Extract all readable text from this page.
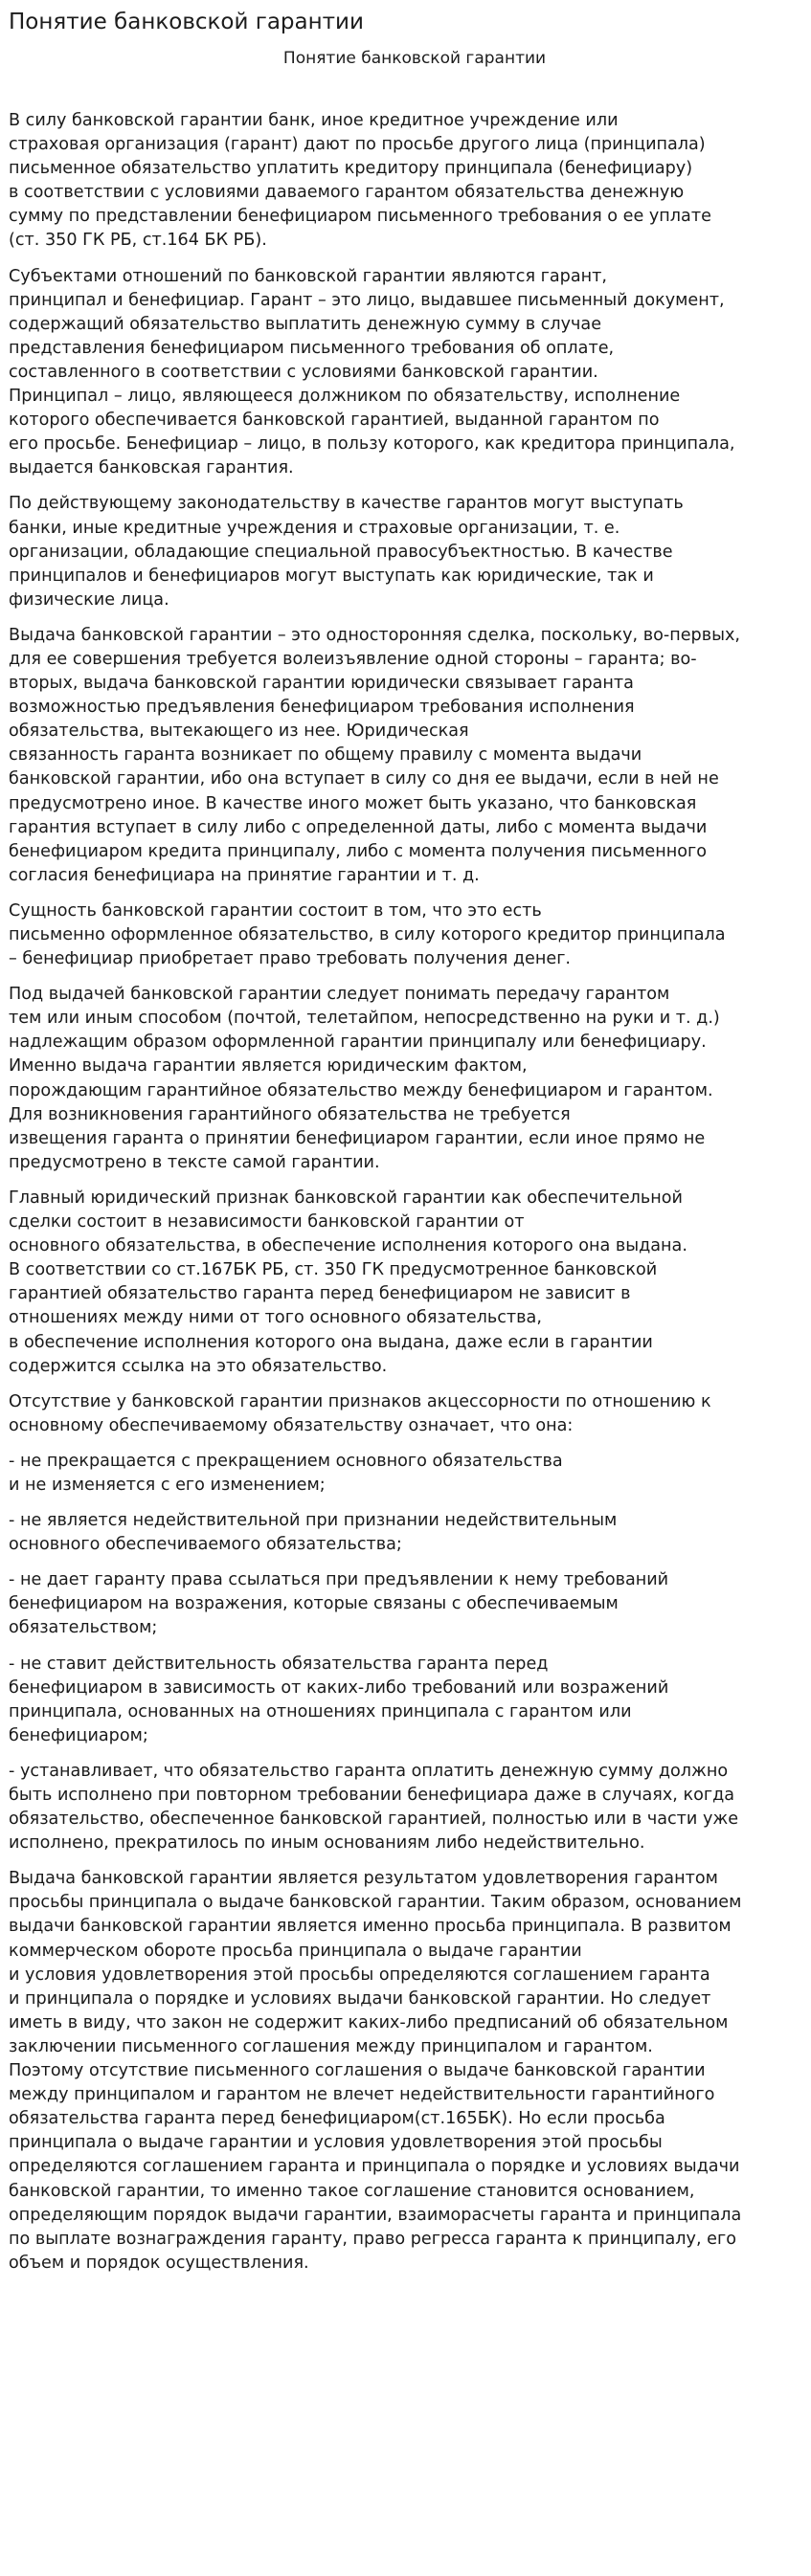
Понятие банковской гарантии
Понятие банковской гарантии

В силу банковской гарантии банк, иное кредитное учреждение или
страховая организация (гарант) дают по просьбе другого лица (принципала)
письменное обязательство уплатить кредитору принципала (бенефициару)
в соответствии с условиями даваемого гарантом обязательства денежную
сумму по представлении бенефициаром письменного требования о ее уплате
(ст. 350 ГК РБ, ст.164 БК РБ).

Субъектами отношений по банковской гарантии являются гарант,
принципал и бенефициар. Гарант – это лицо, выдавшее письменный документ,
содержащий обязательство выплатить денежную сумму в случае
представления бенефициаром письменного требования об оплате,
составленного в соответствии с условиями банковской гарантии.
Принципал – лицо, являющееся должником по обязательству, исполнение
которого обеспечивается банковской гарантией, выданной гарантом по
его просьбе. Бенефициар – лицо, в пользу которого, как кредитора принципала,
выдается банковская гарантия.

По действующему законодательству в качестве гарантов могут выступать
банки, иные кредитные учреждения и страховые организации, т. е.
организации, обладающие специальной правосубъектностью. В качестве
принципалов и бенефициаров могут выступать как юридические, так и
физические лица.

Выдача банковской гарантии – это односторонняя сделка, поскольку, во-первых,
для ее совершения требуется волеизъявление одной стороны – гаранта; во-
вторых, выдача банковской гарантии юридически связывает гаранта
возможностью предъявления бенефициаром требования исполнения
обязательства, вытекающего из нее. Юридическая
связанность гаранта возникает по общему правилу с момента выдачи
банковской гарантии, ибо она вступает в силу со дня ее выдачи, если в ней не
предусмотрено иное. В качестве иного может быть указано, что банковская
гарантия вступает в силу либо с определенной даты, либо с момента выдачи
бенефициаром кредита принципалу, либо с момента получения письменного
согласия бенефициара на принятие гарантии и т. д.

Сущность банковской гарантии состоит в том, что это есть
письменно оформленное обязательство, в силу которого кредитор принципала
– бенефициар приобретает право требовать получения денег.

Под выдачей банковской гарантии следует понимать передачу гарантом
тем или иным способом (почтой, телетайпом, непосредственно на руки и т. д.)
надлежащим образом оформленной гарантии принципалу или бенефициару.
Именно выдача гарантии является юридическим фактом,
порождающим гарантийное обязательство между бенефициаром и гарантом.
Для возникновения гарантийного обязательства не требуется
извещения гаранта о принятии бенефициаром гарантии, если иное прямо не
предусмотрено в тексте самой гарантии.

Главный юридический признак банковской гарантии как обеспечительной
сделки состоит в независимости банковской гарантии от
основного обязательства, в обеспечение исполнения которого она выдана.
В соответствии со ст.167БК РБ, ст. 350 ГК предусмотренное банковской
гарантией обязательство гаранта перед бенефициаром не зависит в
отношениях между ними от того основного обязательства,
в обеспечение исполнения которого она выдана, даже если в гарантии
содержится ссылка на это обязательство.

Отсутствие у банковской гарантии признаков акцессорности по отношению к
основному обеспечиваемому обязательству означает, что она:

- не прекращается с прекращением основного обязательства
и не изменяется с его изменением;

- не является недействительной при признании недействительным
основного обеспечиваемого обязательства;

- не дает гаранту права ссылаться при предъявлении к нему требований
бенефициаром на возражения, которые связаны с обеспечиваемым
обязательством;

- не ставит действительность обязательства гаранта перед
бенефициаром в зависимость от каких-либо требований или возражений
принципала, основанных на отношениях принципала с гарантом или
бенефициаром;

- устанавливает, что обязательство гаранта оплатить денежную сумму должно
быть исполнено при повторном требовании бенефициара даже в случаях, когда
обязательство, обеспеченное банковской гарантией, полностью или в части уже
исполнено, прекратилось по иным основаниям либо недействительно.

Выдача банковской гарантии является результатом удовлетворения гарантом
просьбы принципала о выдаче банковской гарантии. Таким образом, основанием
выдачи банковской гарантии является именно просьба принципала. В развитом
коммерческом обороте просьба принципала о выдаче гарантии
и условия удовлетворения этой просьбы определяются соглашением гаранта
и принципала о порядке и условиях выдачи банковской гарантии. Но следует
иметь в виду, что закон не содержит каких-либо предписаний об обязательном
заключении письменного соглашения между принципалом и гарантом.
Поэтому отсутствие письменного соглашения о выдаче банковской гарантии
между принципалом и гарантом не влечет недействительности гарантийного
обязательства гаранта перед бенефициаром(ст.165БК). Но если просьба
принципала о выдаче гарантии и условия удовлетворения этой просьбы
определяются соглашением гаранта и принципала о порядке и условиях выдачи
банковской гарантии, то именно такое соглашение становится основанием,
определяющим порядок выдачи гарантии, взаиморасчеты гаранта и принципала
по выплате вознаграждения гаранту, право регресса гаранта к принципалу, его
объем и порядок осуществления.
